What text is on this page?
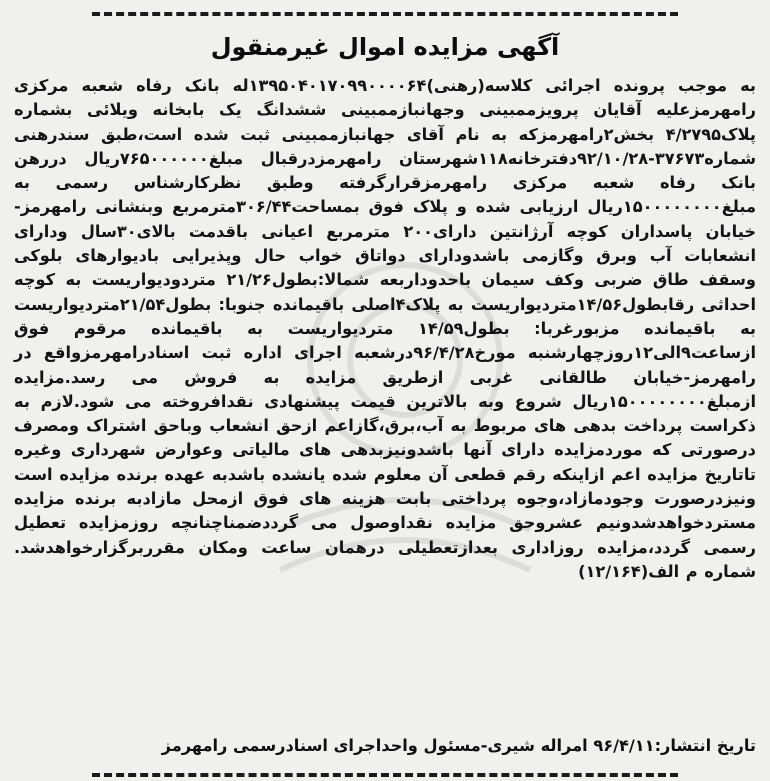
آگهی مزایده اموال غیرمنقول
به موجب پرونده اجرائی کلاسه(رهنی)۱۳۹۵۰۴۰۱۷۰۹۹۰۰۰۰۶۴له بانک رفاه شعبه مرکزی رامهرمزعلیه آقایان پرویزممبینی وجهانبازممبینی ششدانگ یک بابخانه ویلائی بشماره پلاک۴/۲۷۹۵ بخش۲رامهرمزکه به نام آقای جهانبازممبینی ثبت شده است،طبق سندرهنی شماره۳۷۶۷۳-۹۲/۱۰/۲۸دفترخانه۱۱۸شهرستان رامهرمزدرقبال مبلغ۷۶۵۰۰۰۰۰۰ریال دررهن بانک رفاه شعبه مرکزی رامهرمزقرارگرفته وطبق نظرکارشناس رسمی به مبلغ۱۵۰۰۰۰۰۰۰۰ریال ارزیابی شده و پلاک فوق بمساحت۳۰۶/۴۴مترمربع وبنشانی رامهرمز-خیابان پاسداران کوچه آرژانتین دارای۲۰۰ مترمربع اعیانی باقدمت بالای۳۰سال ودارای انشعابات آب وبرق وگازمی باشدودارای دواتاق خواب حال وپذیرایی بادیوارهای بلوکی وسقف طاق ضربی وکف سیمان باحدوداربعه شمالا:بطول۲۱/۲۶ متردودیواریست به کوچه احداثی رقابطول۱۴/۵۶متردیواریست به پلاک۴اصلی باقیمانده جنوبا: بطول۲۱/۵۴متردیواریست به باقیمانده مزبورغربا: بطول۱۴/۵۹ متردیواریست به باقیمانده مرقوم فوق ازساعت۹الی۱۲روزچهارشنبه مورخ۹۶/۴/۲۸درشعبه اجرای اداره ثبت اسنادرامهرمزواقع در رامهرمز-خیابان طالقانی غربی ازطریق مزایده به فروش می رسد.مزایده ازمبلغ۱۵۰۰۰۰۰۰۰۰ریال شروع وبه بالاترین قیمت پیشنهادی نقدافروخته می شود.لازم به ذکراست پرداخت بدهی های مربوط به آب،برق،گازاعم ازحق انشعاب وباحق اشتراک ومصرف درصورتی که موردمزایده دارای آنها باشدونیزبدهی های مالیاتی وعوارض شهرداری وغیره تاتاریخ مزایده اعم ازاینکه رقم قطعی آن معلوم شده یانشده باشدبه عهده برنده مزایده است ونیزدرصورت وجودمازاد،وجوه پرداختی بابت هزینه های فوق ازمحل مازادبه برنده مزایده مستردخواهدشدونیم عشروحق مزایده نقداوصول می گرددضمناچنانچه روزمزایده تعطیل رسمی گردد،مزایده روزاداری بعدازتعطیلی درهمان ساعت ومکان مقرربرگزارخواهدشد. شماره م الف(۱۲/۱۶۴)
تاریخ انتشار:۹۶/۴/۱۱ امراله شیری-مسئول واحداجرای اسنادرسمی رامهرمز
